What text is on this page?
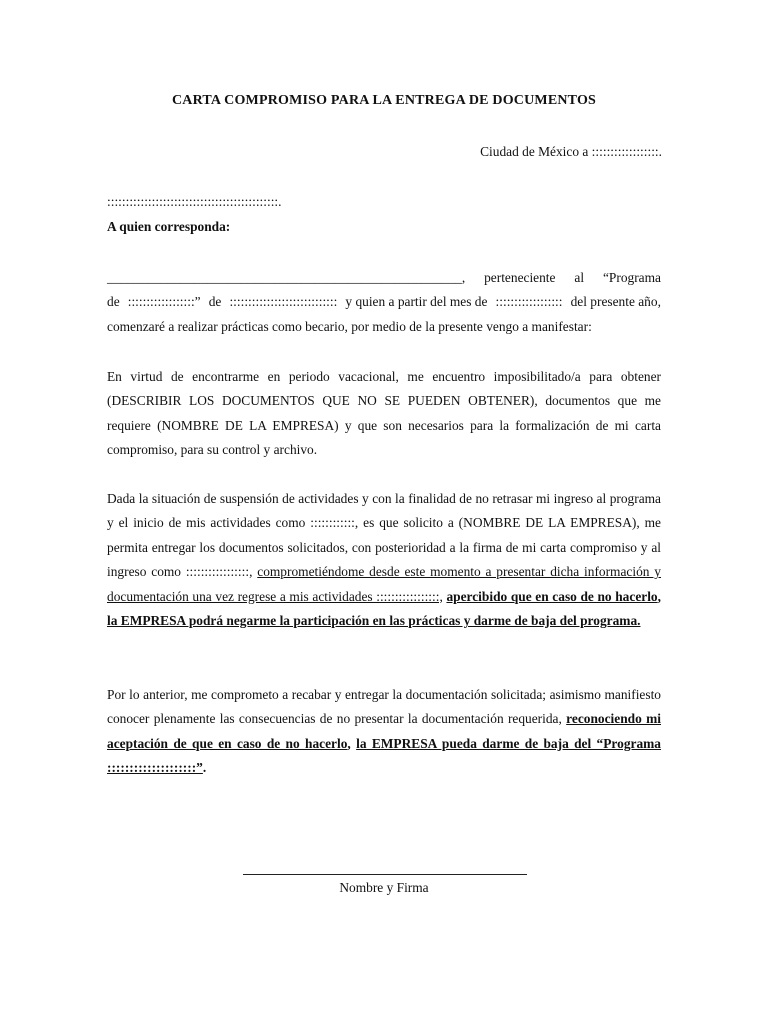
CARTA COMPROMISO PARA LA ENTREGA DE DOCUMENTOS
Ciudad de México a ::::::::::::::::::.
::::::::::::::::::::::::::::::::::::::::::::::.
A quien corresponda:
_____________________________________________________, perteneciente al “Programa
de ::::::::::::::::::” de ::::::::::::::::::::::::::::: y quien a partir del mes de :::::::::::::::::: del presente año,
comenzaré a realizar prácticas como becario, por medio de la presente vengo a manifestar:
En virtud de encontrarme en periodo vacacional, me encuentro imposibilitado/a para obtener (DESCRIBIR LOS DOCUMENTOS QUE NO SE PUEDEN OBTENER), documentos que me requiere (NOMBRE DE LA EMPRESA) y que son necesarios para la formalización de mi carta compromiso, para su control y archivo.
Dada la situación de suspensión de actividades y con la finalidad de no retrasar mi ingreso al programa y el inicio de mis actividades como ::::::::::::, es que solicito a (NOMBRE DE LA EMPRESA), me permita entregar los documentos solicitados, con posterioridad a la firma de mi carta compromiso y al ingreso como :::::::::::::::::, comprometiéndome desde este momento a presentar dicha información y documentación una vez regrese a mis actividades :::::::::::::::::, apercibido que en caso de no hacerlo, la EMPRESA podrá negarme la participación en las prácticas y darme de baja del programa.
Por lo anterior, me comprometo a recabar y entregar la documentación solicitada; asimismo manifiesto conocer plenamente las consecuencias de no presentar la documentación requerida, reconociendo mi aceptación de que en caso de no hacerlo, la EMPRESA pueda darme de baja del “Programa ::::::::::::::::::::”.
Nombre y Firma
